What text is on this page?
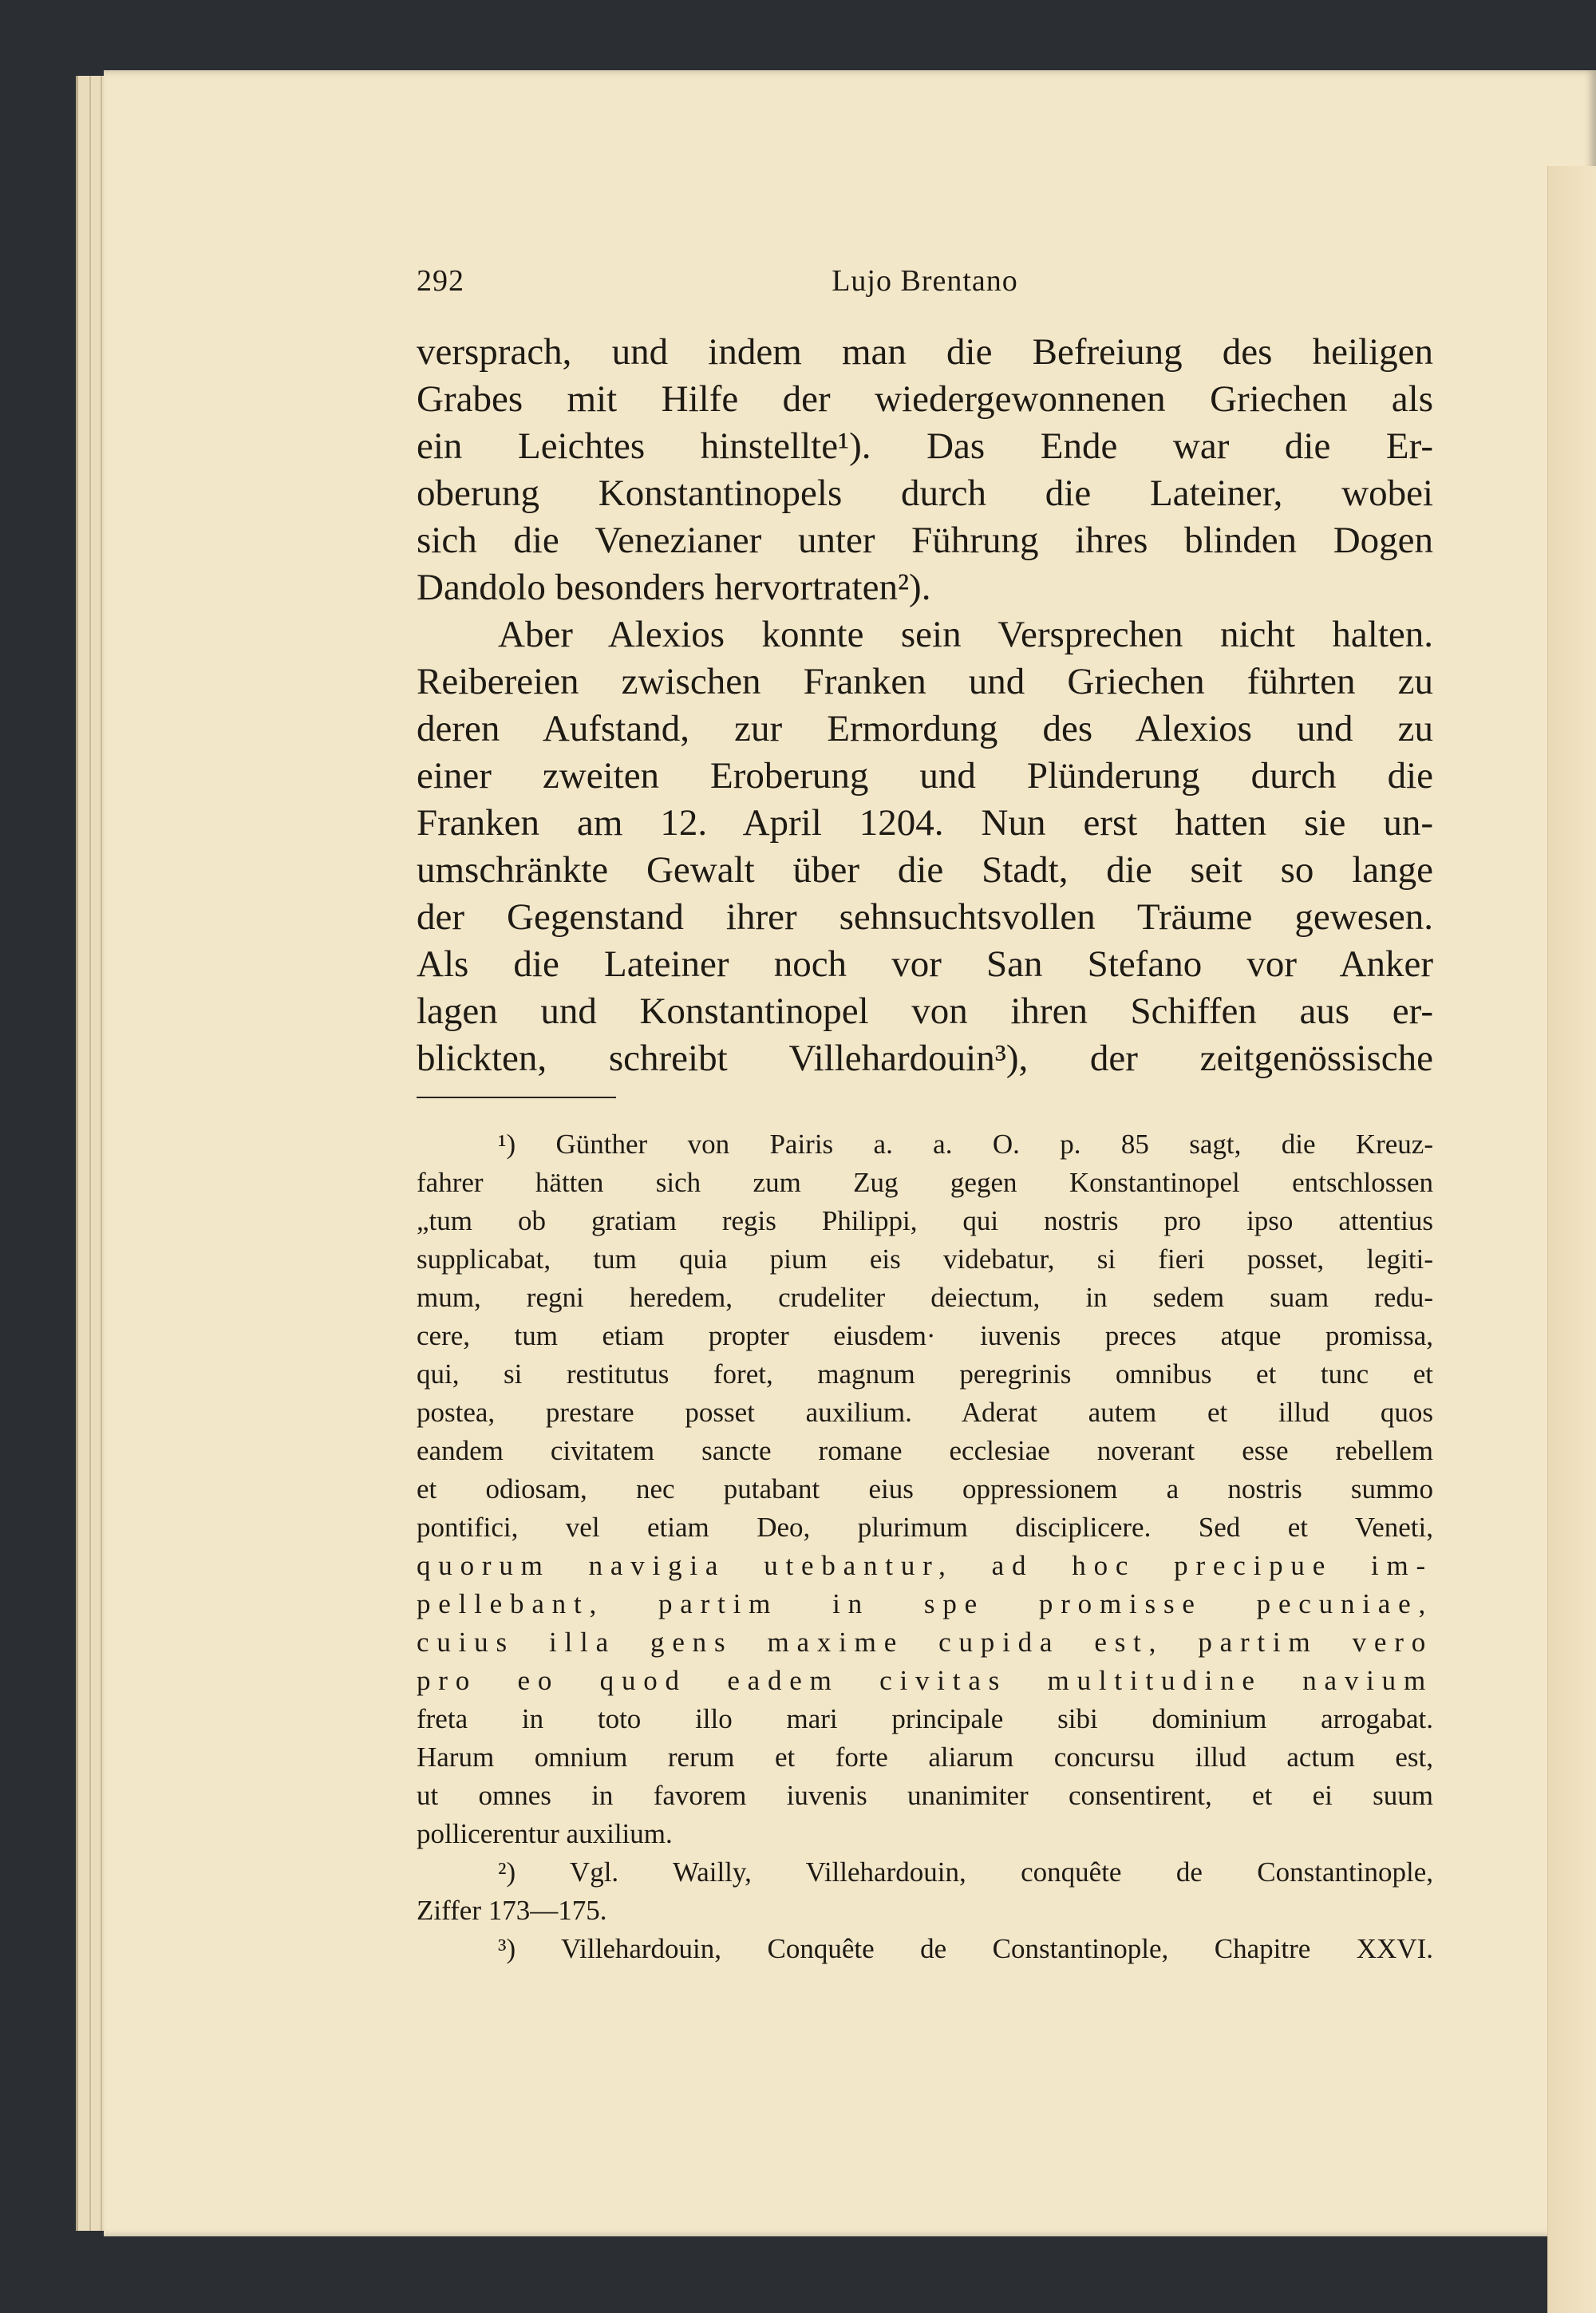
292	Lujo Brentano
versprach, und indem man die Befreiung des heiligen
Grabes mit Hilfe der wiedergewonnenen Griechen als
ein Leichtes hinstellte¹). Das Ende war die Er-
oberung Konstantinopels durch die Lateiner, wobei
sich die Venezianer unter Führung ihres blinden Dogen
Dandolo besonders hervortraten²).
Aber Alexios konnte sein Versprechen nicht halten.
Reibereien zwischen Franken und Griechen führten zu
deren Aufstand, zur Ermordung des Alexios und zu
einer zweiten Eroberung und Plünderung durch die
Franken am 12. April 1204. Nun erst hatten sie un-
umschränkte Gewalt über die Stadt, die seit so lange
der Gegenstand ihrer sehnsuchtsvollen Träume gewesen.
Als die Lateiner noch vor San Stefano vor Anker
lagen und Konstantinopel von ihren Schiffen aus er-
blickten, schreibt Villehardouin³), der zeitgenössische
¹) Günther von Pairis a. a. O. p. 85 sagt, die Kreuz-
fahrer hätten sich zum Zug gegen Konstantinopel entschlossen
„tum ob gratiam regis Philippi, qui nostris pro ipso attentius
supplicabat, tum quia pium eis videbatur, si fieri posset, legiti-
mum, regni heredem, crudeliter deiectum, in sedem suam redu-
cere, tum etiam propter eiusdem· iuvenis preces atque promissa,
qui, si restitutus foret, magnum peregrinis omnibus et tunc et
postea, prestare posset auxilium. Aderat autem et illud quos
eandem civitatem sancte romane ecclesiae noverant esse rebellem
et odiosam, nec putabant eius oppressionem a nostris summo
pontifici, vel etiam Deo, plurimum disciplicere. Sed et Veneti,
quorum navigia utebantur, ad hoc precipue im-
pellebant, partim in spe promisse pecuniae,
cuius illa gens maxime cupida est, partim vero
pro eo quod eadem civitas multitudine navium
freta in toto illo mari principale sibi dominium arrogabat.
Harum omnium rerum et forte aliarum concursu illud actum est,
ut omnes in favorem iuvenis unanimiter consentirent, et ei suum
pollicerentur auxilium.
²) Vgl. Wailly, Villehardouin, conquête de Constantinople,
Ziffer 173—175.
³) Villehardouin, Conquête de Constantinople, Chapitre XXVI.
